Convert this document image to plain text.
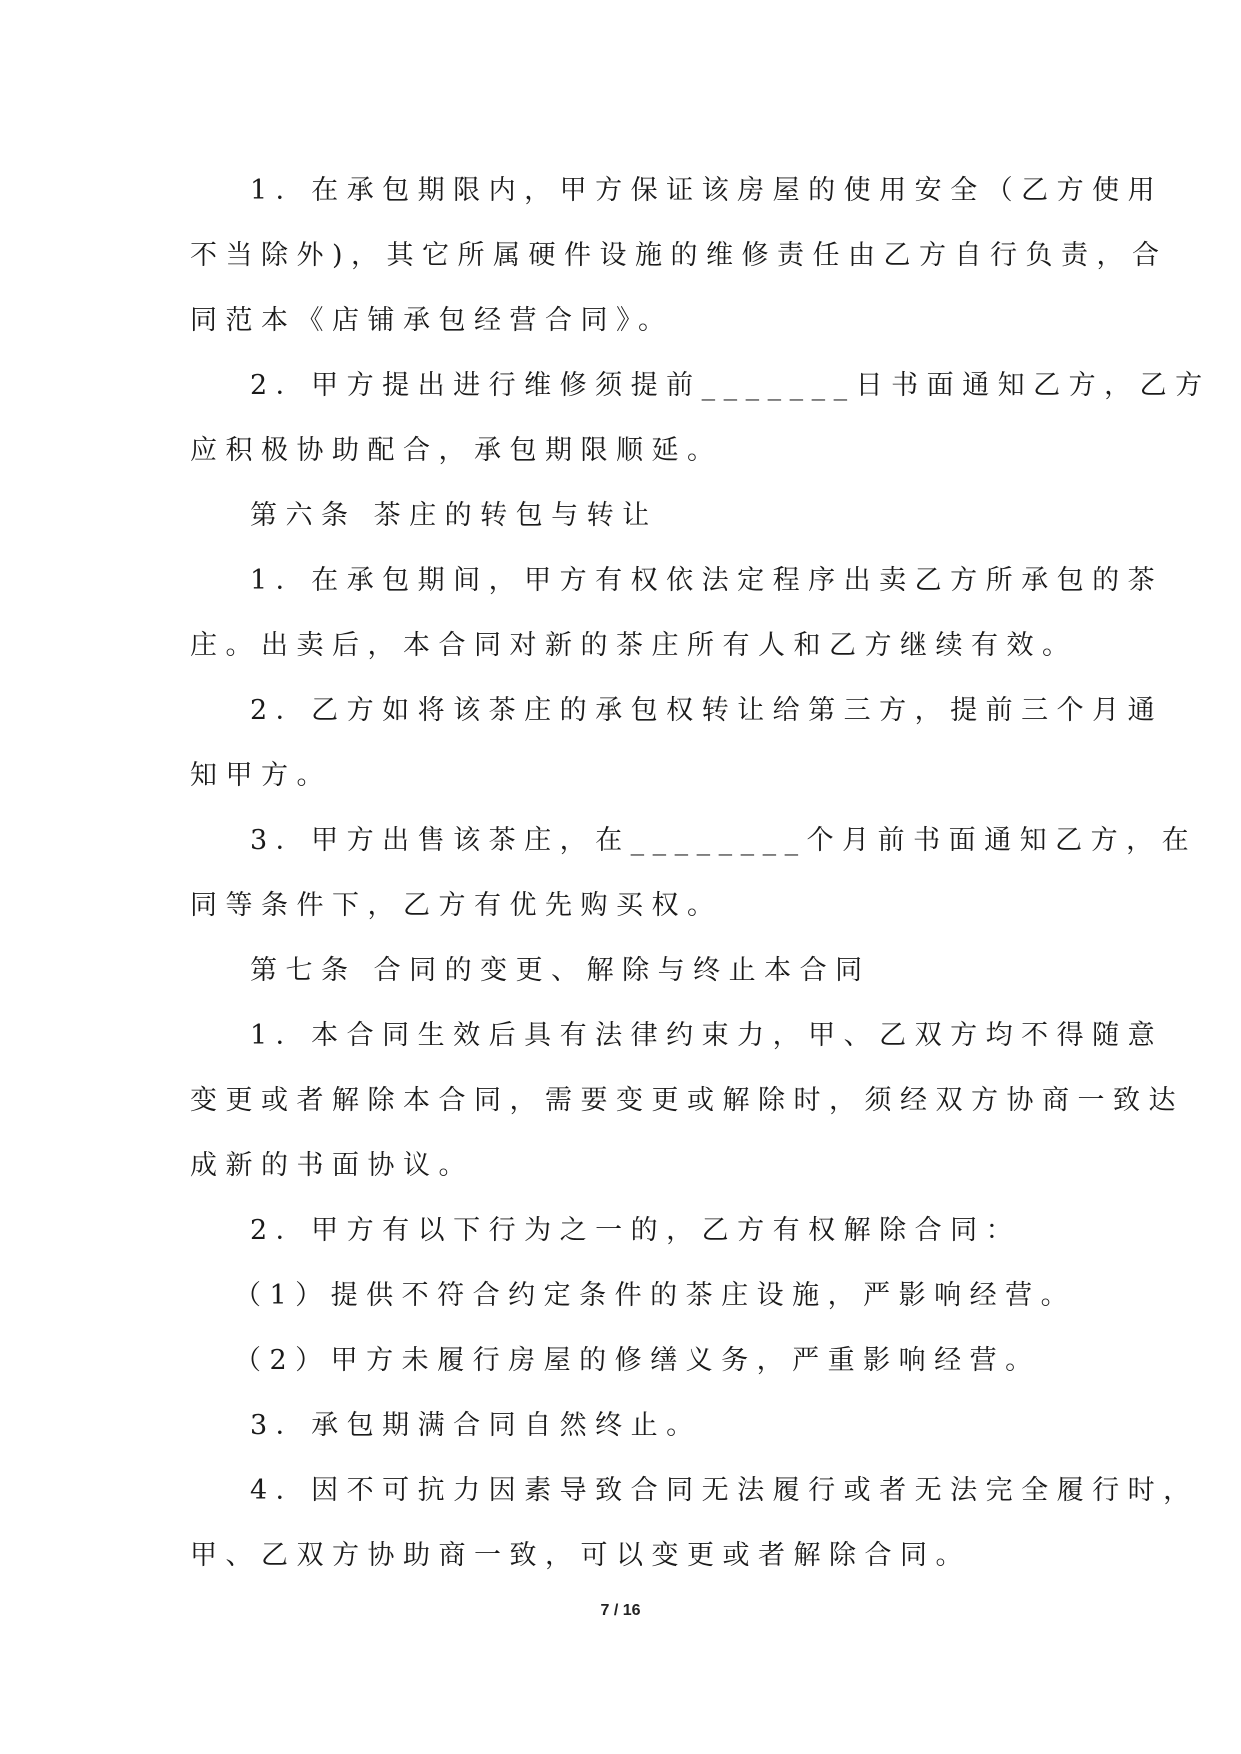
1．在承包期限内，甲方保证该房屋的使用安全（乙方使用
不当除外)，其它所属硬件设施的维修责任由乙方自行负责，合
同范本《店铺承包经营合同》。
2．甲方提出进行维修须提前_______日书面通知乙方，乙方
应积极协助配合，承包期限顺延。
第六条 茶庄的转包与转让
1．在承包期间，甲方有权依法定程序出卖乙方所承包的茶
庄。出卖后，本合同对新的茶庄所有人和乙方继续有效。
2．乙方如将该茶庄的承包权转让给第三方，提前三个月通
知甲方。
3．甲方出售该茶庄，在________个月前书面通知乙方，在
同等条件下，乙方有优先购买权。
第七条 合同的变更、解除与终止本合同
1．本合同生效后具有法律约束力，甲、乙双方均不得随意
变更或者解除本合同，需要变更或解除时，须经双方协商一致达
成新的书面协议。
2．甲方有以下行为之一的，乙方有权解除合同：
（1）提供不符合约定条件的茶庄设施，严影响经营。
（2）甲方未履行房屋的修缮义务，严重影响经营。
3．承包期满合同自然终止。
4．因不可抗力因素导致合同无法履行或者无法完全履行时，
甲、乙双方协助商一致，可以变更或者解除合同。
7 / 16
